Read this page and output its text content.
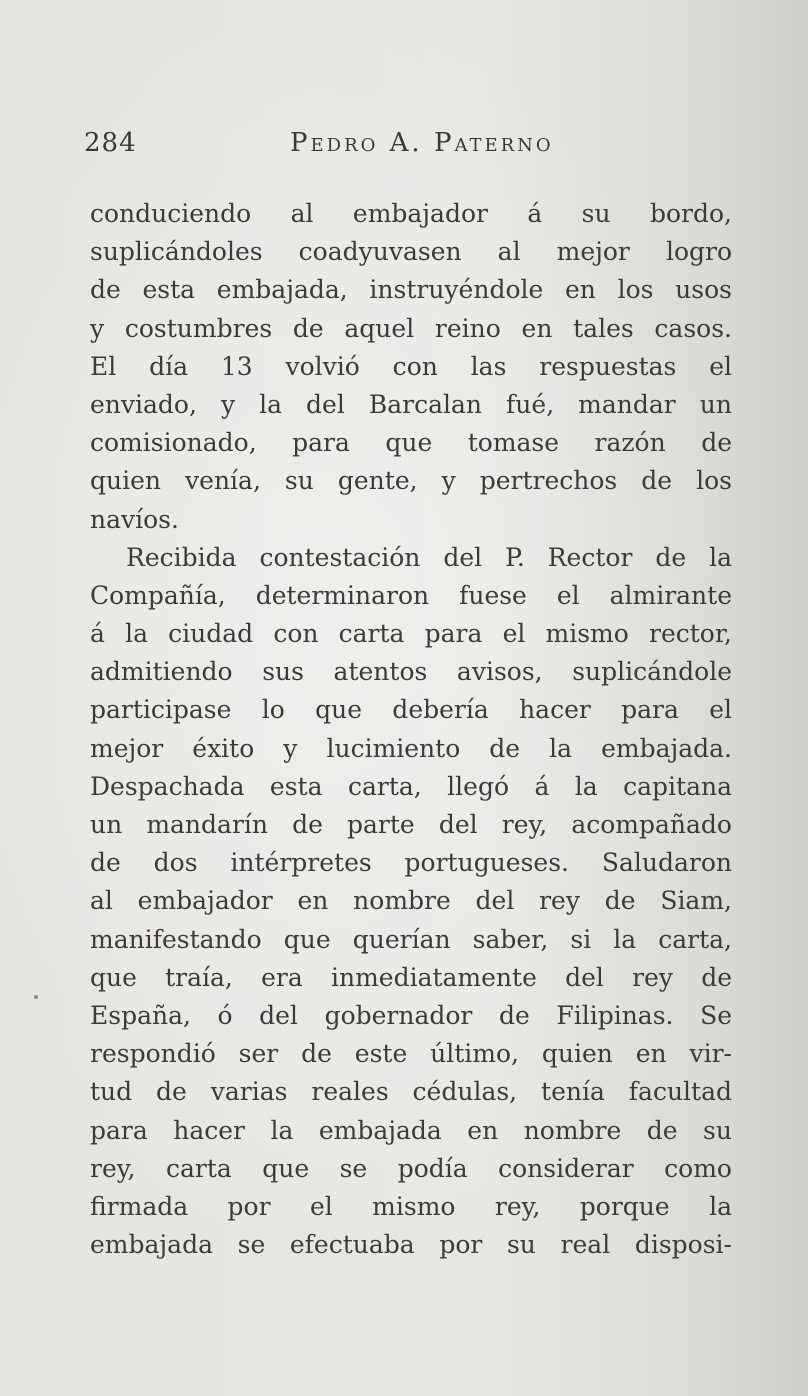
284	Pedro A. Paterno
conduciendo al embajador á su bordo,
suplicándoles coadyuvasen al mejor logro
de esta embajada, instruyéndole en los usos
y costumbres de aquel reino en tales casos.
El día 13 volvió con las respuestas el
enviado, y la del Barcalan fué, mandar un
comisionado, para que tomase razón de
quien venía, su gente, y pertrechos de los
navíos.
Recibida contestación del P. Rector de la
Compañía, determinaron fuese el almirante
á la ciudad con carta para el mismo rector,
admitiendo sus atentos avisos, suplicándole
participase lo que debería hacer para el
mejor éxito y lucimiento de la embajada.
Despachada esta carta, llegó á la capitana
un mandarín de parte del rey, acompañado
de dos intérpretes portugueses. Saludaron
al embajador en nombre del rey de Siam,
manifestando que querían saber, si la carta,
que traía, era inmediatamente del rey de
España, ó del gobernador de Filipinas. Se
respondió ser de este último, quien en vir-
tud de varias reales cédulas, tenía facultad
para hacer la embajada en nombre de su
rey, carta que se podía considerar como
firmada por el mismo rey, porque la
embajada se efectuaba por su real disposi-
